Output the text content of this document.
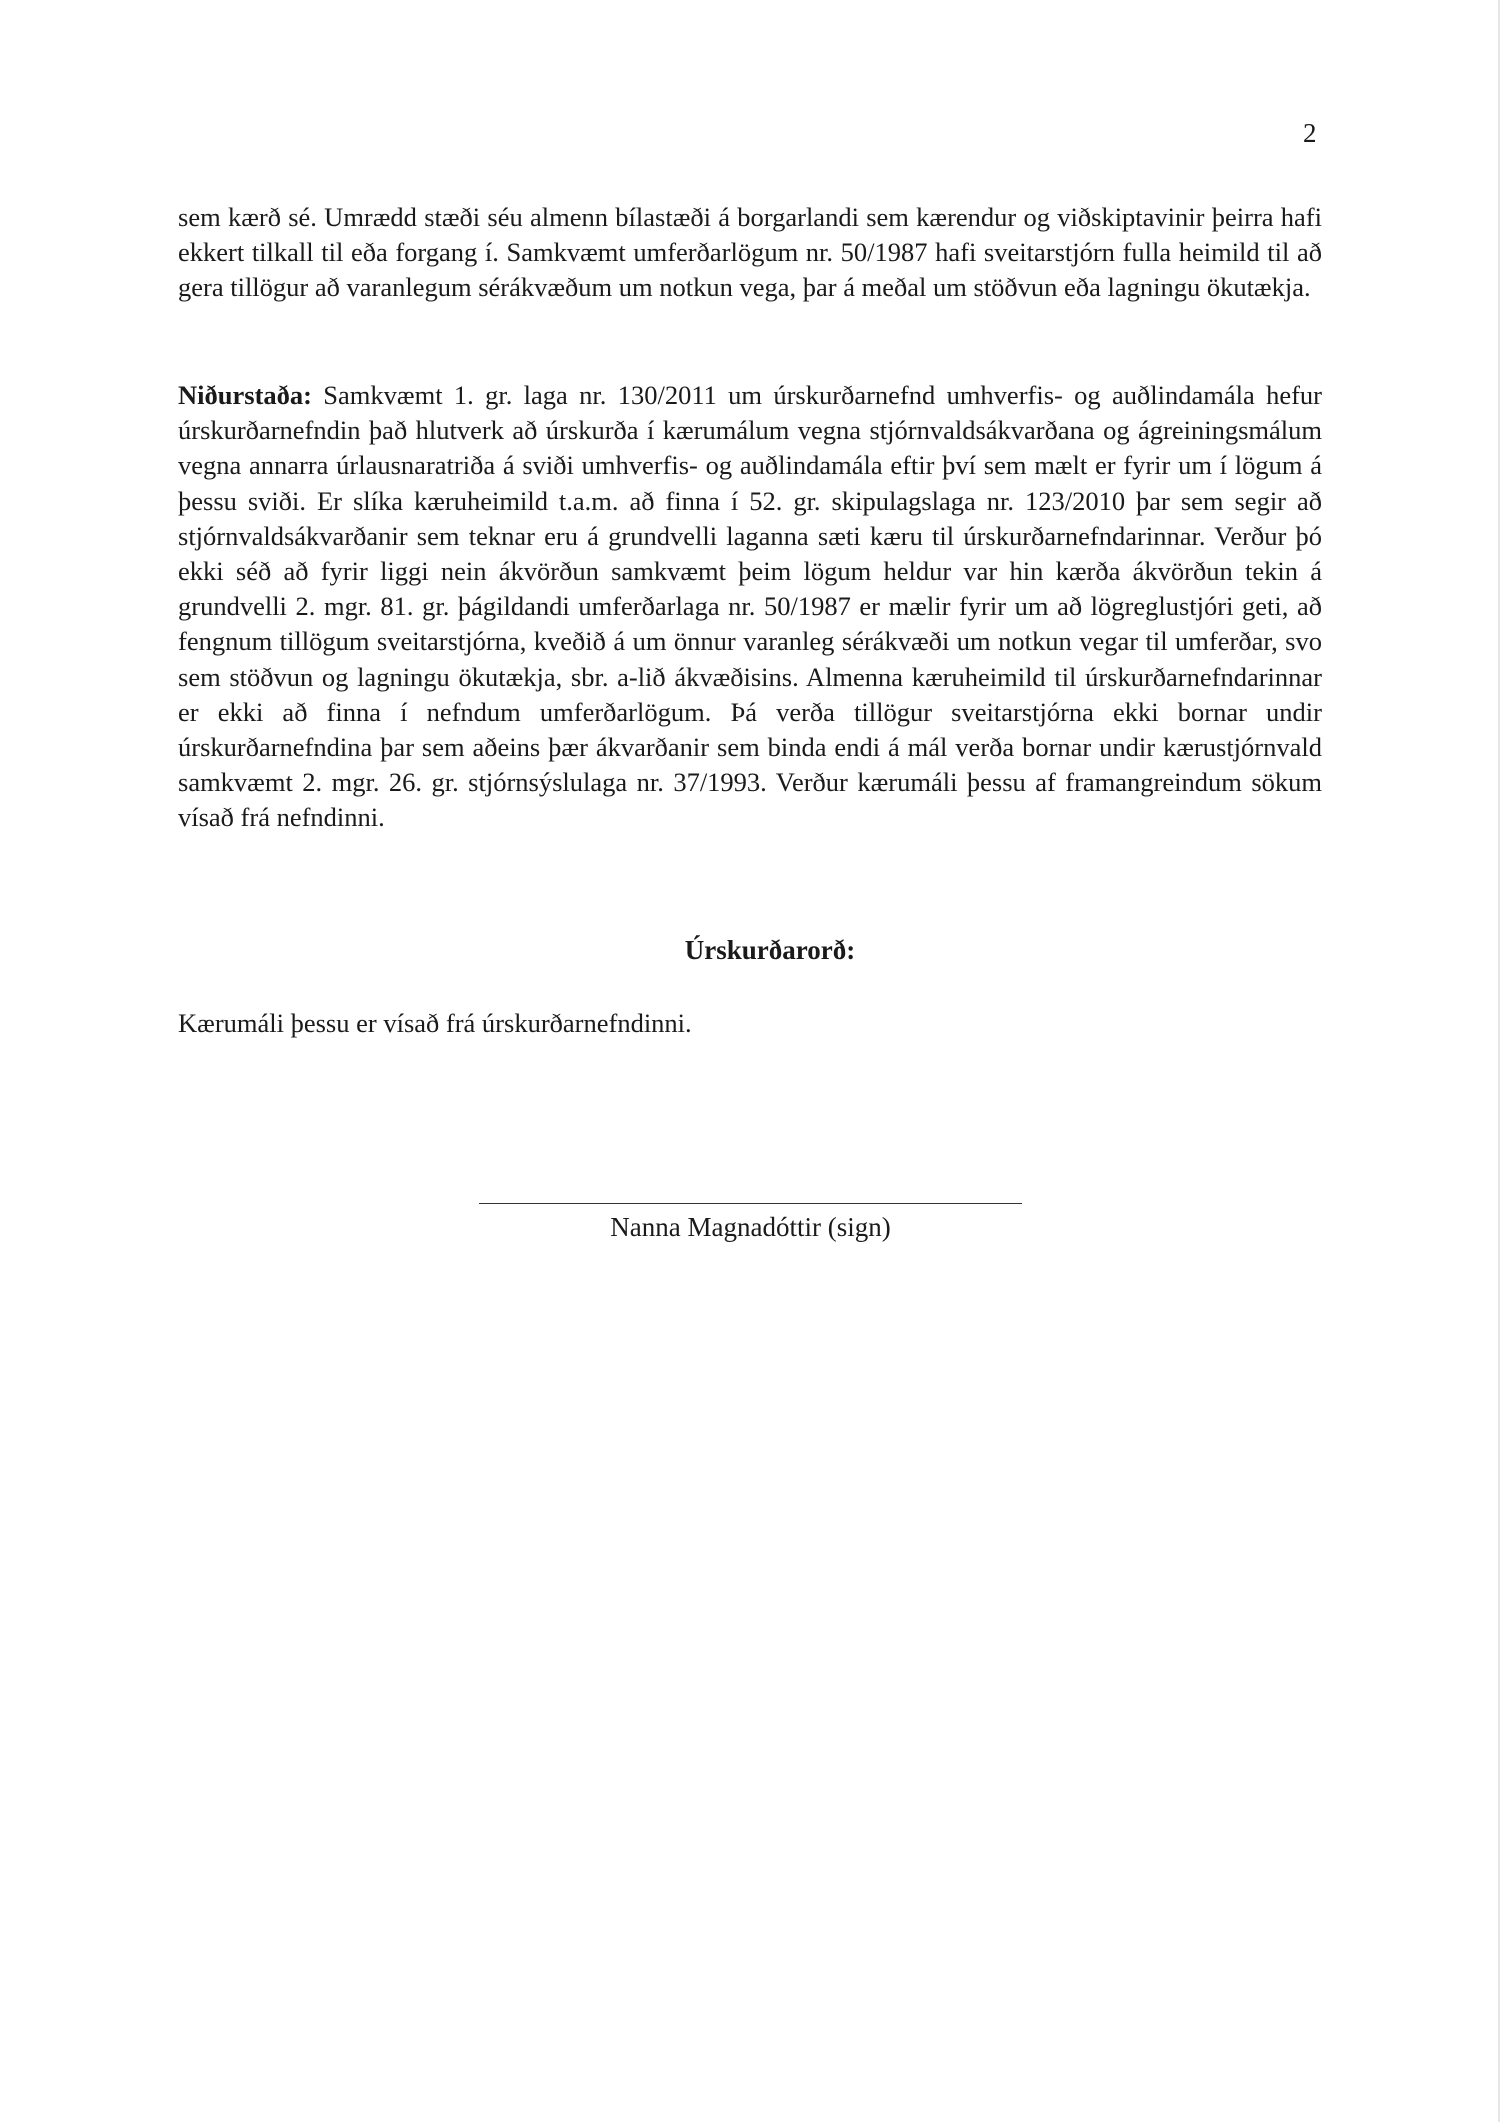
2

sem kærð sé. Umrædd stæði séu almenn bílastæði á borgarlandi sem kærendur og viðskiptavinir þeirra hafi ekkert tilkall til eða forgang í. Samkvæmt umferðarlögum nr. 50/1987 hafi sveitarstjórn fulla heimild til að gera tillögur að varanlegum sérákvæðum um notkun vega, þar á meðal um stöðvun eða lagningu ökutækja.

Niðurstaða: Samkvæmt 1. gr. laga nr. 130/2011 um úrskurðarnefnd umhverfis- og auðlindamála hefur úrskurðarnefndin það hlutverk að úrskurða í kærumálum vegna stjórnvaldsákvarðana og ágreiningsmálum vegna annarra úrlausnaratriða á sviði umhverfis- og auðlindamála eftir því sem mælt er fyrir um í lögum á þessu sviði. Er slíka kæruheimild t.a.m. að finna í 52. gr. skipulagslaga nr. 123/2010 þar sem segir að stjórnvaldsákvarðanir sem teknar eru á grundvelli laganna sæti kæru til úrskurðarnefndarinnar. Verður þó ekki séð að fyrir liggi nein ákvörðun samkvæmt þeim lögum heldur var hin kærða ákvörðun tekin á grundvelli 2. mgr. 81. gr. þágildandi umferðarlaga nr. 50/1987 er mælir fyrir um að lögreglustjóri geti, að fengnum tillögum sveitarstjórna, kveðið á um önnur varanleg sérákvæði um notkun vegar til umferðar, svo sem stöðvun og lagningu ökutækja, sbr. a-lið ákvæðisins. Almenna kæruheimild til úrskurðarnefndarinnar er ekki að finna í nefndum umferðarlögum. Þá verða tillögur sveitarstjórna ekki bornar undir úrskurðarnefndina þar sem aðeins þær ákvarðanir sem binda endi á mál verða bornar undir kærustjórnvald samkvæmt 2. mgr. 26. gr. stjórnsýslulaga nr. 37/1993. Verður kærumáli þessu af framangreindum sökum vísað frá nefndinni.

Úrskurðarorð:

Kærumáli þessu er vísað frá úrskurðarnefndinni.

Nanna Magnadóttir (sign)
